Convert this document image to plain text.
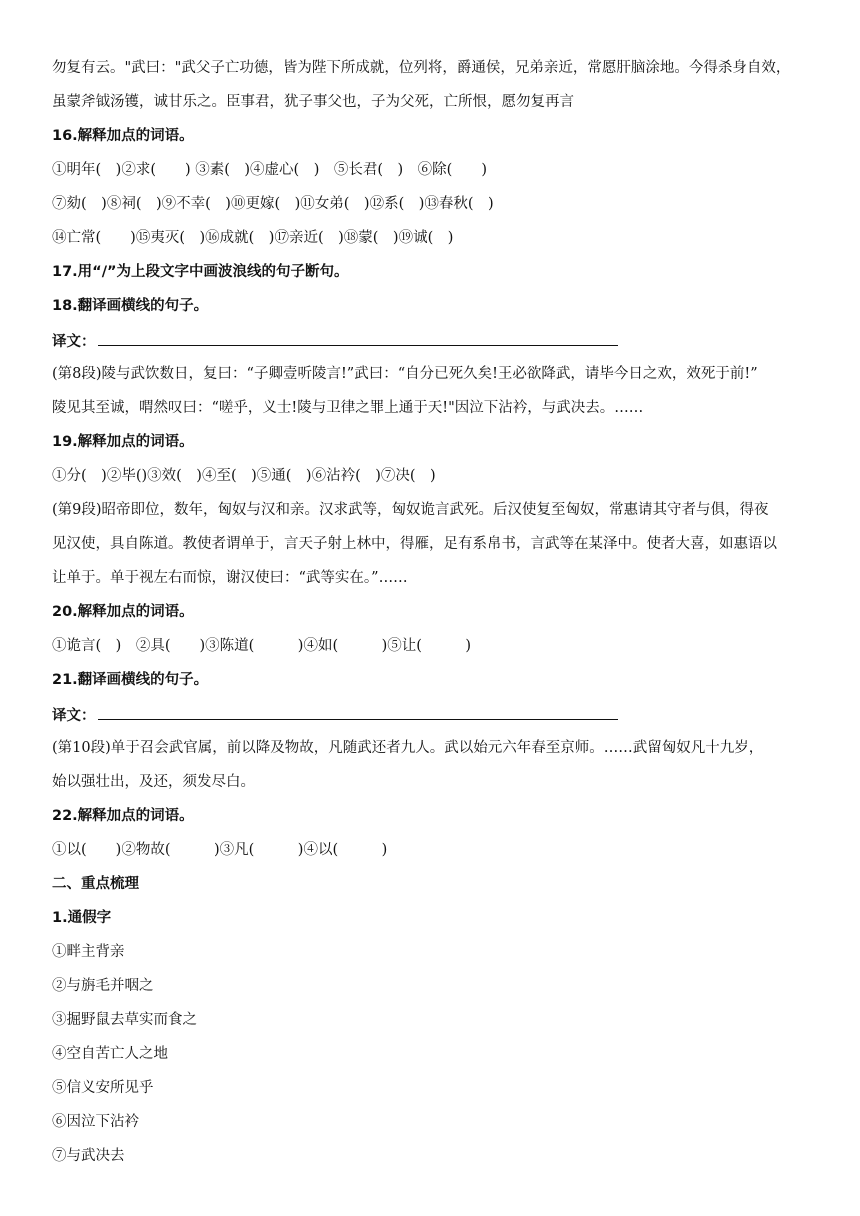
勿复有云。"武曰："武父子亡功德，皆为陛下所成就，位列将，爵通侯，兄弟亲近，常愿肝脑涂地。今得杀身自效，
虽蒙斧钺汤镬，诚甘乐之。臣事君，犹子事父也，子为父死，亡所恨，愿勿复再言
16.解释加点的词语。
①明年(　)②求(　　) ③素(　)④虚心(　)　⑤长君(　)　⑥除(　　)
⑦劾(　)⑧祠(　)⑨不幸(　)⑩更嫁(　)⑪女弟(　)⑫系(　)⑬春秋(　)
⑭亡常(　　)⑮夷灭(　)⑯成就(　)⑰亲近(　)⑱蒙(　)⑲诚(　)
17.用“/”为上段文字中画波浪线的句子断句。
18.翻译画横线的句子。
译文：
(第8段)陵与武饮数日，复曰：“子卿壹听陵言!”武曰：“自分已死久矣!王必欲降武，请毕今日之欢，效死于前!”
陵见其至诚，喟然叹曰：“嗟乎，义士!陵与卫律之罪上通于天!"因泣下沾衿，与武决去。……
19.解释加点的词语。
①分(　)②毕()③效(　)④至(　)⑤通(　)⑥沾衿(　)⑦决(　)
(第9段)昭帝即位，数年，匈奴与汉和亲。汉求武等，匈奴诡言武死。后汉使复至匈奴，常惠请其守者与俱，得夜
见汉使，具自陈道。教使者谓单于，言天子射上林中，得雁，足有系帛书，言武等在某泽中。使者大喜，如惠语以
让单于。单于视左右而惊，谢汉使曰：“武等实在。”……
20.解释加点的词语。
①诡言(　)　②具(　　)③陈道(　　　)④如(　　　)⑤让(　　　)
21.翻译画横线的句子。
译文：
(第10段)单于召会武官属，前以降及物故，凡随武还者九人。武以始元六年春至京师。……武留匈奴凡十九岁，
始以强壮出，及还，须发尽白。
22.解释加点的词语。
①以(　　)②物故(　　　)③凡(　　　)④以(　　　)
二、重点梳理
1.通假字
①畔主背亲
②与旃毛并咽之
③掘野鼠去草实而食之
④空自苦亡人之地
⑤信义安所见乎
⑥因泣下沾衿
⑦与武决去
